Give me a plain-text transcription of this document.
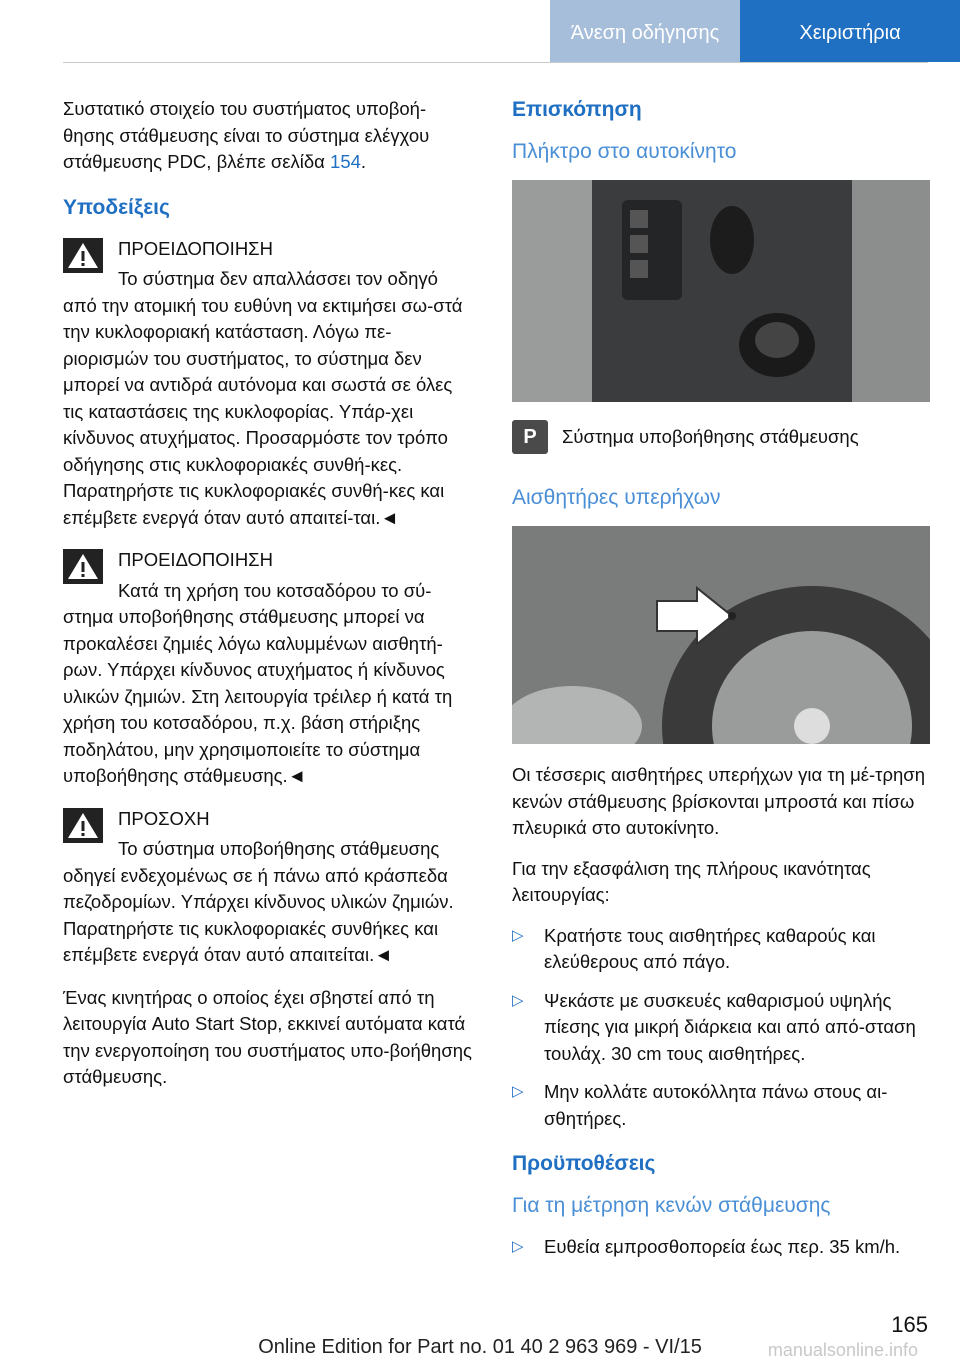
Άνεση οδήγησης	Χειριστήρια

Συστατικό στοιχείο του συστήματος υποβοή-θησης στάθμευσης είναι το σύστημα ελέγχου στάθμευσης PDC, βλέπε σελίδα 154.

Υποδείξεις
ΠΡΟΕΙΔΟΠΟΙΗΣΗ
Το σύστημα δεν απαλλάσσει τον οδηγό
από την ατομική του ευθύνη να εκτιμήσει σω-στά την κυκλοφοριακή κατάσταση. Λόγω πε-ριορισμών του συστήματος, το σύστημα δεν μπορεί να αντιδρά αυτόνομα και σωστά σε όλες τις καταστάσεις της κυκλοφορίας. Υπάρ-χει κίνδυνος ατυχήματος. Προσαρμόστε τον τρόπο οδήγησης στις κυκλοφοριακές συνθή-κες. Παρατηρήστε τις κυκλοφοριακές συνθή-κες και επέμβετε ενεργά όταν αυτό απαιτεί-ται.◄
ΠΡΟΕΙΔΟΠΟΙΗΣΗ
Κατά τη χρήση του κοτσαδόρου το σύ-
στημα υποβοήθησης στάθμευσης μπορεί να προκαλέσει ζημιές λόγω καλυμμένων αισθητή-ρων. Υπάρχει κίνδυνος ατυχήματος ή κίνδυνος υλικών ζημιών. Στη λειτουργία τρέιλερ ή κατά τη χρήση του κοτσαδόρου, π.χ. βάση στήριξης ποδηλάτου, μην χρησιμοποιείτε το σύστημα υποβοήθησης στάθμευσης.◄
ΠΡΟΣΟΧΗ
Το σύστημα υποβοήθησης στάθμευσης
οδηγεί ενδεχομένως σε ή πάνω από κράσπεδα πεζοδρομίων. Υπάρχει κίνδυνος υλικών ζημιών. Παρατηρήστε τις κυκλοφοριακές συνθήκες και επέμβετε ενεργά όταν αυτό απαιτείται.◄

Ένας κινητήρας ο οποίος έχει σβηστεί από τη λειτουργία Auto Start Stop, εκκινεί αυτόματα κατά την ενεργοποίηση του συστήματος υπο-βοήθησης στάθμευσης.

Επισκόπηση
Πλήκτρο στο αυτοκίνητο
P	Σύστημα υποβοήθησης στάθμευσης
Αισθητήρες υπερήχων

Οι τέσσερις αισθητήρες υπερήχων για τη μέ-τρηση κενών στάθμευσης βρίσκονται μπροστά και πίσω πλευρικά στο αυτοκίνητο.

Για την εξασφάλιση της πλήρους ικανότητας λειτουργίας:

▷ Κρατήστε τους αισθητήρες καθαρούς και ελεύθερους από πάγο.
▷ Ψεκάστε με συσκευές καθαρισμού υψηλής πίεσης για μικρή διάρκεια και από από-σταση τουλάχ. 30 cm τους αισθητήρες.
▷ Μην κολλάτε αυτοκόλλητα πάνω στους αι-σθητήρες.
Προϋποθέσεις
Για τη μέτρηση κενών στάθμευσης
▷ Ευθεία εμπροσθοπορεία έως περ. 35 km/h.
165
Online Edition for Part no. 01 40 2 963 969 - VI/15	manualsonline.info
